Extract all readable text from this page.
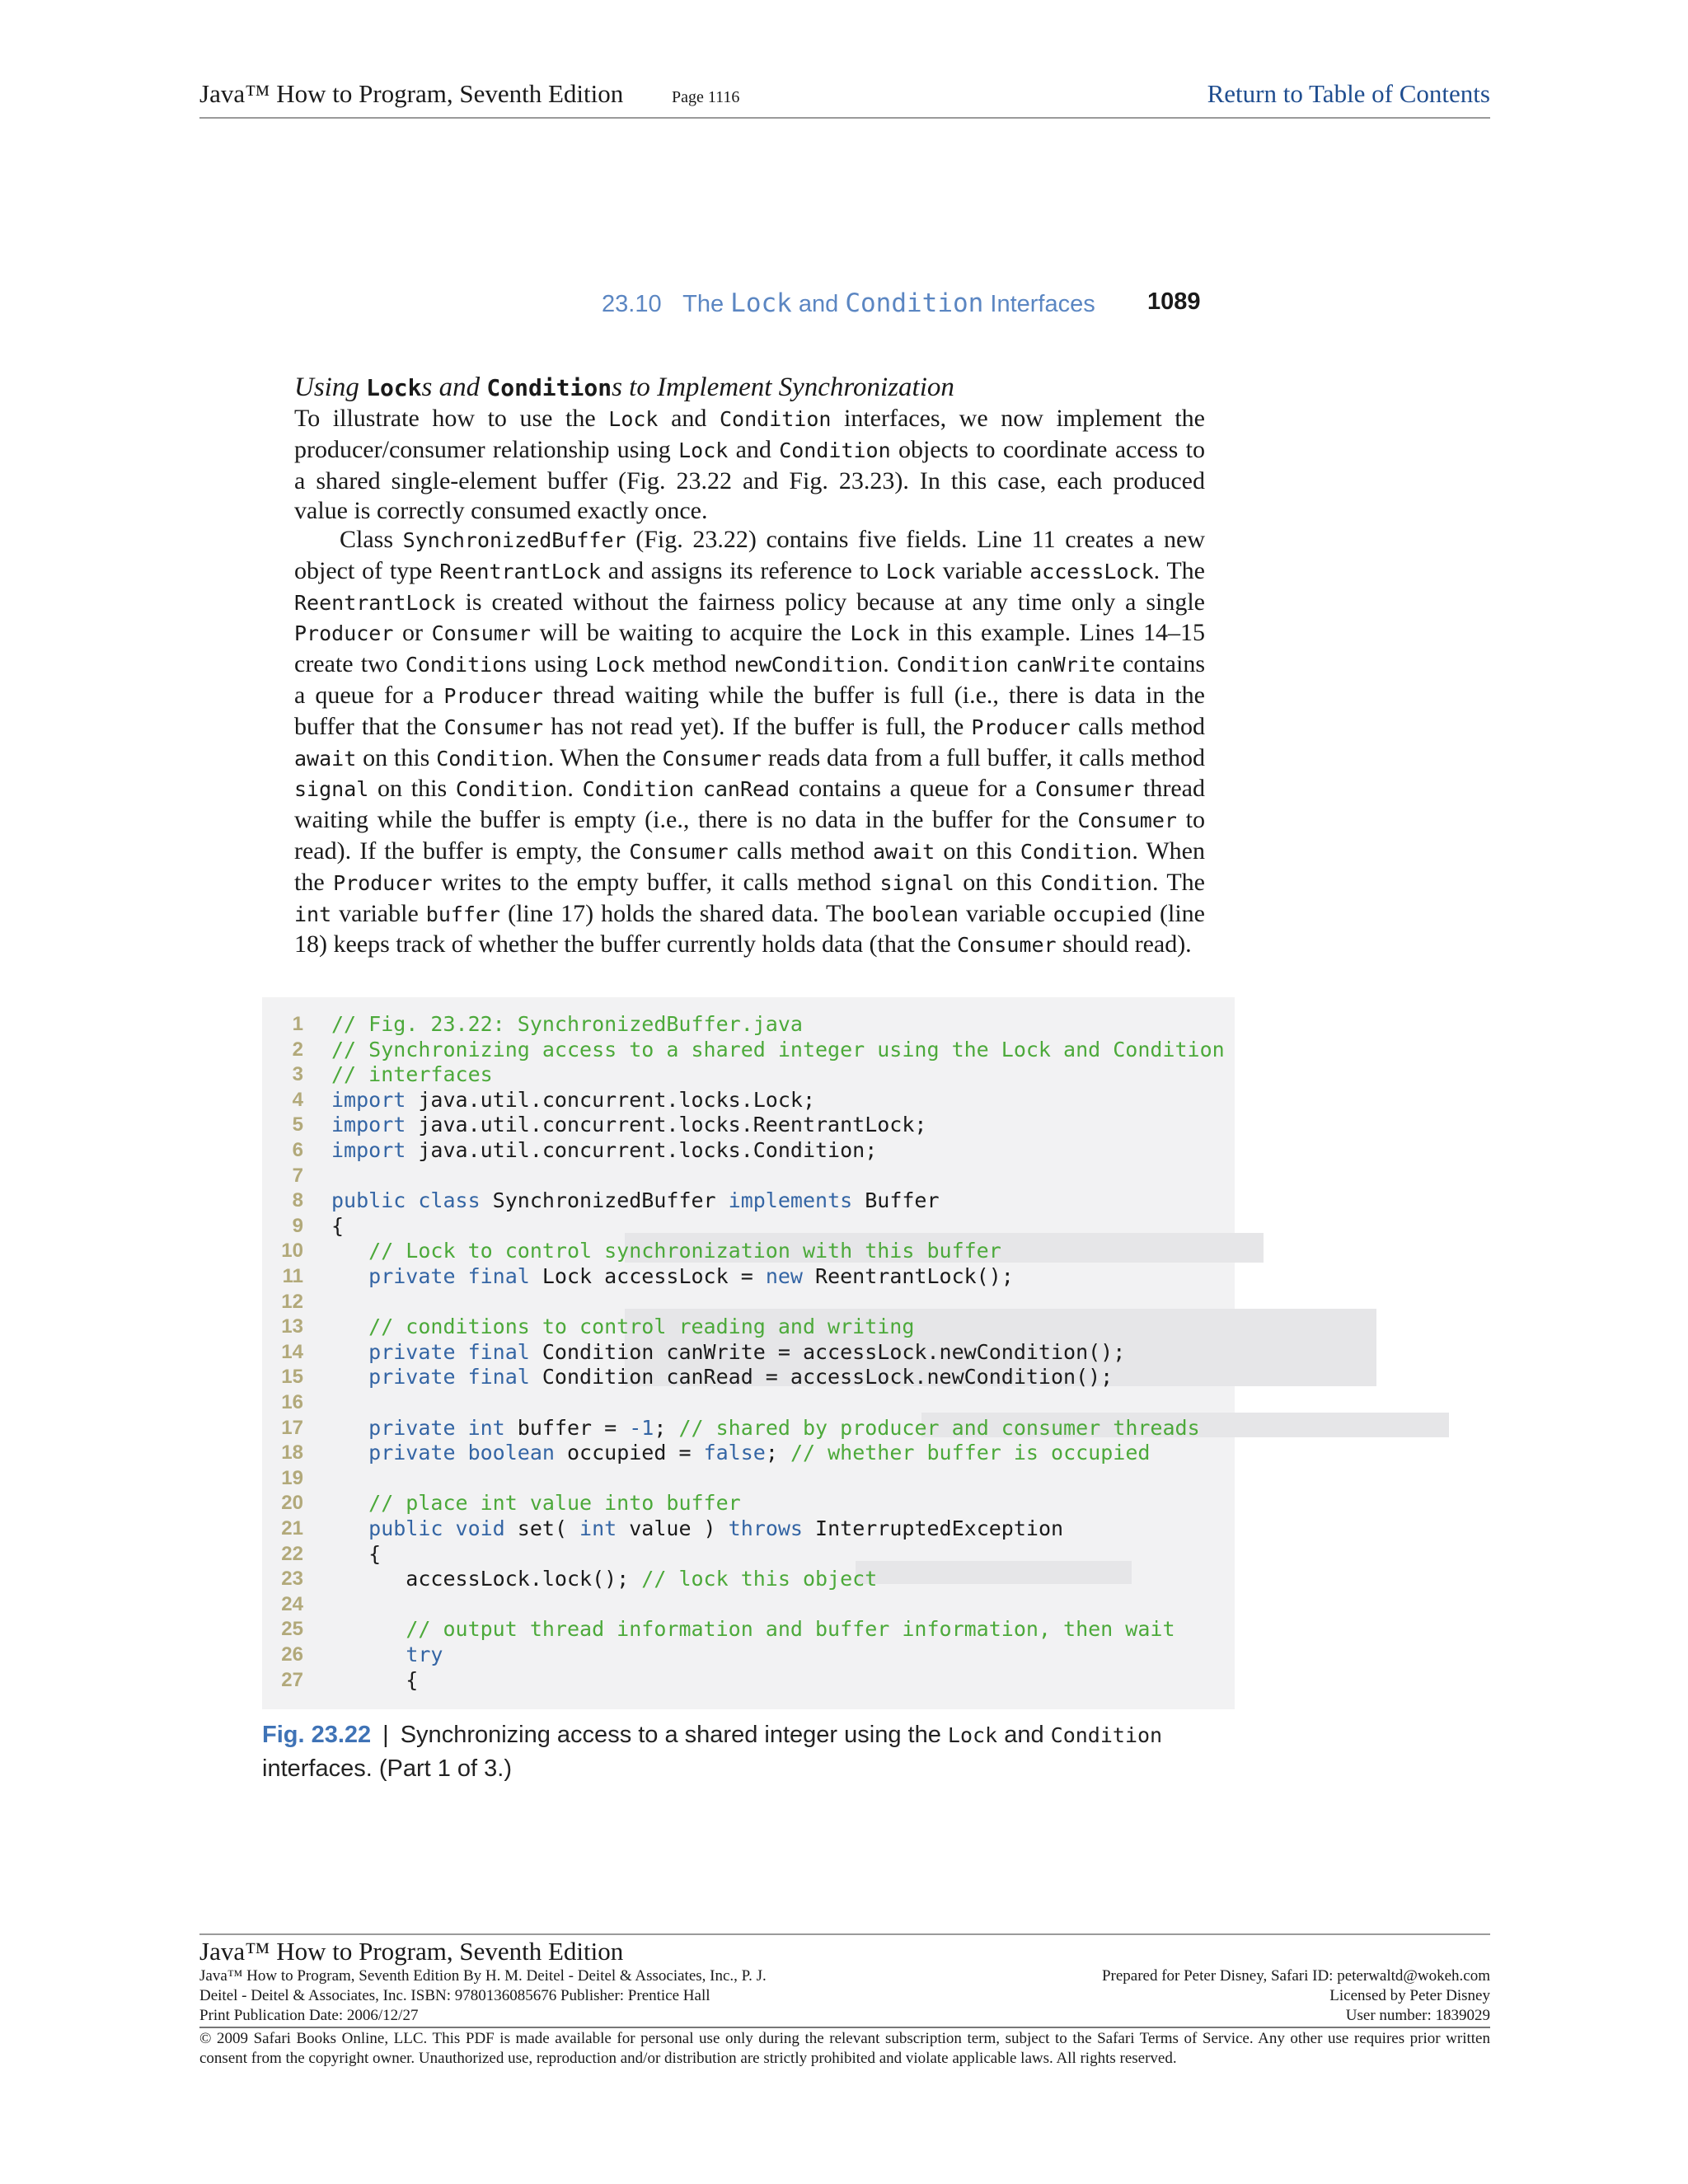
Java™ How to Program, Seventh Edition	Page 1116	Return to Table of Contents
23.10 The Lock and Condition Interfaces 1089
Using Locks and Conditions to Implement Synchronization
To illustrate how to use the Lock and Condition interfaces, we now implement the producer/consumer relationship using Lock and Condition objects to coordinate access to a shared single-element buffer (Fig. 23.22 and Fig. 23.23). In this case, each produced value is correctly consumed exactly once.
Class SynchronizedBuffer (Fig. 23.22) contains five fields. Line 11 creates a new object of type ReentrantLock and assigns its reference to Lock variable accessLock. The ReentrantLock is created without the fairness policy because at any time only a single Producer or Consumer will be waiting to acquire the Lock in this example. Lines 14–15 create two Conditions using Lock method newCondition. Condition canWrite contains a queue for a Producer thread waiting while the buffer is full (i.e., there is data in the buffer that the Consumer has not read yet). If the buffer is full, the Producer calls method await on this Condition. When the Consumer reads data from a full buffer, it calls method signal on this Condition. Condition canRead contains a queue for a Consumer thread waiting while the buffer is empty (i.e., there is no data in the buffer for the Consumer to read). If the buffer is empty, the Consumer calls method await on this Condition. When the Producer writes to the empty buffer, it calls method signal on this Condition. The int variable buffer (line 17) holds the shared data. The boolean variable occupied (line 18) keeps track of whether the buffer currently holds data (that the Consumer should read).
1 // Fig. 23.22: SynchronizedBuffer.java
2 // Synchronizing access to a shared integer using the Lock and Condition
3 // interfaces
4 import java.util.concurrent.locks.Lock;
5 import java.util.concurrent.locks.ReentrantLock;
6 import java.util.concurrent.locks.Condition;
7
8 public class SynchronizedBuffer implements Buffer
9 {
10	// Lock to control synchronization with this buffer
11	private final Lock accessLock = new ReentrantLock();
12
13	// conditions to control reading and writing
14	private final Condition canWrite = accessLock.newCondition();
15	private final Condition canRead = accessLock.newCondition();
16
17	private int buffer = -1; // shared by producer and consumer threads
18	private boolean occupied = false; // whether buffer is occupied
19
20	// place int value into buffer
21	public void set( int value ) throws InterruptedException
22 {
23 accessLock.lock(); // lock this object
24
25	// output thread information and buffer information, then wait
26	try
27 {
Fig. 23.22 | Synchronizing access to a shared integer using the Lock and Condition
interfaces. (Part 1 of 3.)
Java™ How to Program, Seventh Edition
Java™ How to Program, Seventh Edition By H. M. Deitel - Deitel & Associates, Inc., P. J.
Deitel - Deitel & Associates, Inc. ISBN: 9780136085676 Publisher: Prentice Hall
Print Publication Date: 2006/12/27
Prepared for Peter Disney, Safari ID: peterwaltd@wokeh.com
Licensed by Peter Disney
User number: 1839029
© 2009 Safari Books Online, LLC. This PDF is made available for personal use only during the relevant subscription term, subject to the Safari Terms of Service. Any other use requires prior written consent from the copyright owner. Unauthorized use, reproduction and/or distribution are strictly prohibited and violate applicable laws. All rights reserved.
